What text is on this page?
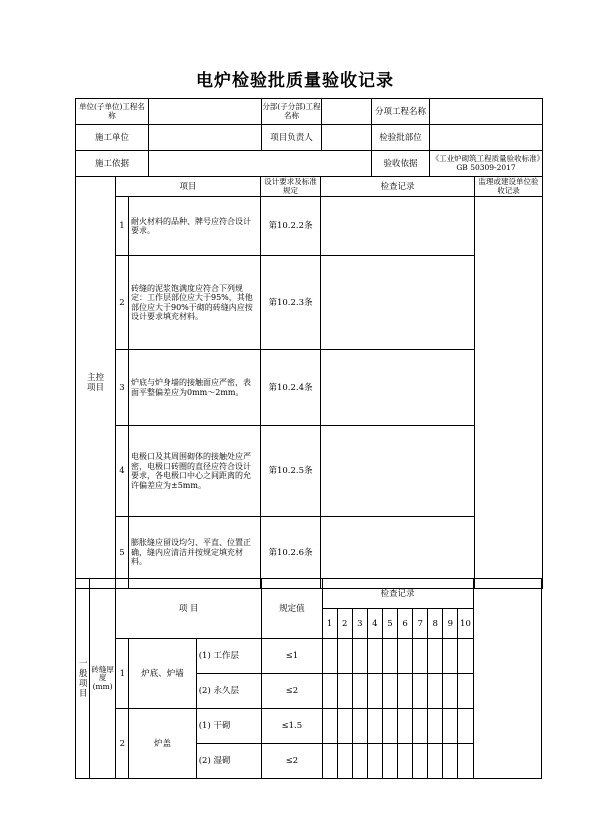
电炉检验批质量验收记录
单位(子单位)工程名称		分部(子分部)工程名称		分项工程名称	
施工单位		项目负责人		检验批部位	
施工依据				验收依据	《工业炉砌筑工程质量验收标准》GB 50309-2017
主控项目	项目		设计要求及标准规定	检查记录	监理或建设单位验收记录
	1	耐火材料的品种、牌号应符合设计要求。	第10.2.2条		
	2	砖缝的泥浆饱满度应符合下列规定：工作层部位应大于95%，其他部位应大于90%干砌的砖缝内应按设计要求填充材料。	第10.2.3条		
	3	炉底与炉身墙的接触面应严密，表面平整偏差应为0mm～2mm。	第10.2.4条		
	4	电极口及其周围砌体的接触处应严密，电极口砖圈的直径应符合设计要求，各电极口中心之间距离的允许偏差应为±5mm。	第10.2.5条		
	5	膨胀缝应留设均匀、平直、位置正确，缝内应清洁并按规定填充材料。	第10.2.6条		
一般项目	砖缝厚度(mm)	项 目			规定值	检查记录										
						1	2	3	4	5	6	7	8	9	10	
		1	炉底、炉墙	(1) 工作层	≤1											
				(2) 永久层	≤2											
		2	炉盖	(1) 干砌	≤1.5											
				(2) 湿砌	≤2											
